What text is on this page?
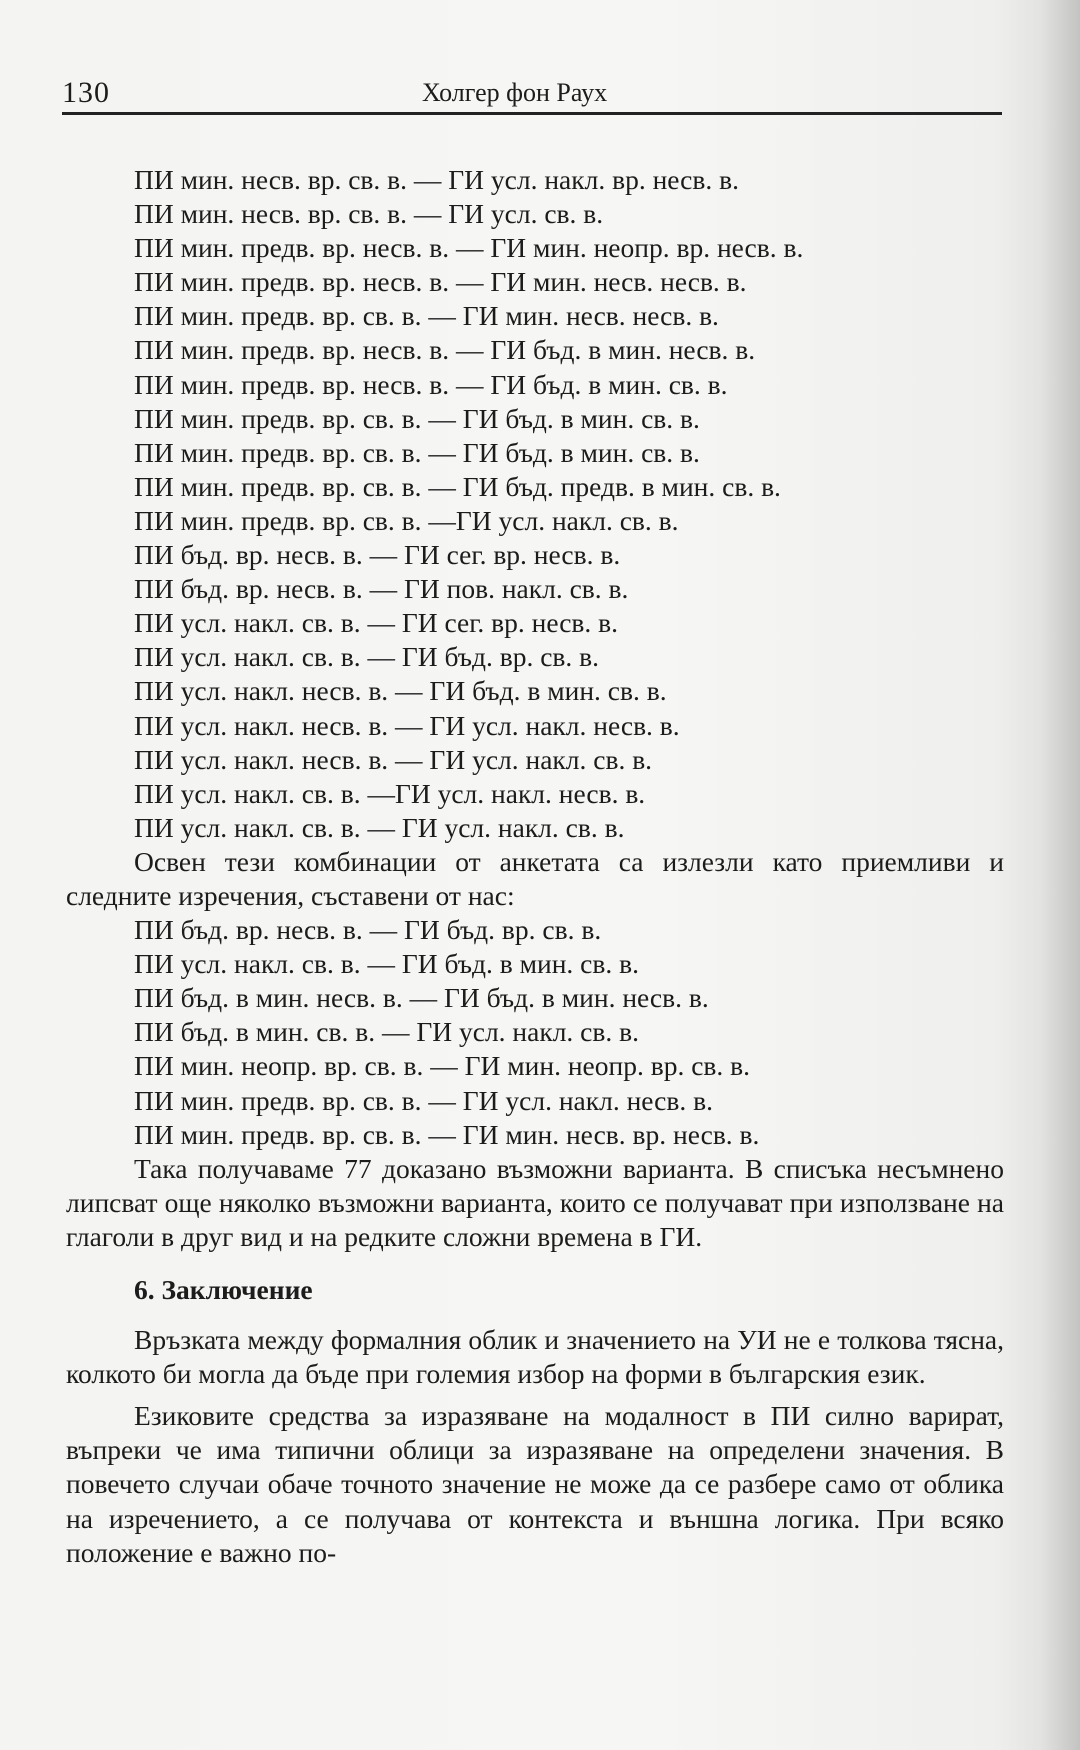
130	Холгер фон Раух
ПИ мин. несв. вр. св. в. — ГИ усл. накл. вр. несв. в.
ПИ мин. несв. вр. св. в. — ГИ усл. св. в.
ПИ мин. предв. вр. несв. в. — ГИ мин. неопр. вр. несв. в.
ПИ мин. предв. вр. несв. в. — ГИ мин. несв. несв. в.
ПИ мин. предв. вр. св. в. — ГИ мин. несв. несв. в.
ПИ мин. предв. вр. несв. в. — ГИ бъд. в мин. несв. в.
ПИ мин. предв. вр. несв. в. — ГИ бъд. в мин. св. в.
ПИ мин. предв. вр. св. в. — ГИ бъд. в мин. св. в.
ПИ мин. предв. вр. св. в. — ГИ бъд. в мин. св. в.
ПИ мин. предв. вр. св. в. — ГИ бъд. предв. в мин. св. в.
ПИ мин. предв. вр. св. в. —ГИ усл. накл. св. в.
ПИ бъд. вр. несв. в. — ГИ сег. вр. несв. в.
ПИ бъд. вр. несв. в. — ГИ пов. накл. св. в.
ПИ усл. накл. св. в. — ГИ сег. вр. несв. в.
ПИ усл. накл. св. в. — ГИ бъд. вр. св. в.
ПИ усл. накл. несв. в. — ГИ бъд. в мин. св. в.
ПИ усл. накл. несв. в. — ГИ усл. накл. несв. в.
ПИ усл. накл. несв. в. — ГИ усл. накл. св. в.
ПИ усл. накл. св. в. —ГИ усл. накл. несв. в.
ПИ усл. накл. св. в. — ГИ усл. накл. св. в.
Освен тези комбинации от анкетата са излезли като приемливи и следните изречения, съставени от нас:
ПИ бъд. вр. несв. в. — ГИ бъд. вр. св. в.
ПИ усл. накл. св. в. — ГИ бъд. в мин. св. в.
ПИ бъд. в мин. несв. в. — ГИ бъд. в мин. несв. в.
ПИ бъд. в мин. св. в. — ГИ усл. накл. св. в.
ПИ мин. неопр. вр. св. в. — ГИ мин. неопр. вр. св. в.
ПИ мин. предв. вр. св. в. — ГИ усл. накл. несв. в.
ПИ мин. предв. вр. св. в. — ГИ мин. несв. вр. несв. в.
Така получаваме 77 доказано възможни варианта. В списъка несъмнено липсват още няколко възможни варианта, които се получават при използване на глаголи в друг вид и на редките сложни времена в ГИ.
6. Заключение
Връзката между формалния облик и значението на УИ не е толкова тясна, колкото би могла да бъде при големия избор на форми в българския език.
Езиковите средства за изразяване на модалност в ПИ силно варират, въпреки че има типични облици за изразяване на определени значения. В повечето случаи обаче точното значение не може да се разбере само от облика на изречението, а се получава от контекста и външна логика. При всяко положение е важно по-
